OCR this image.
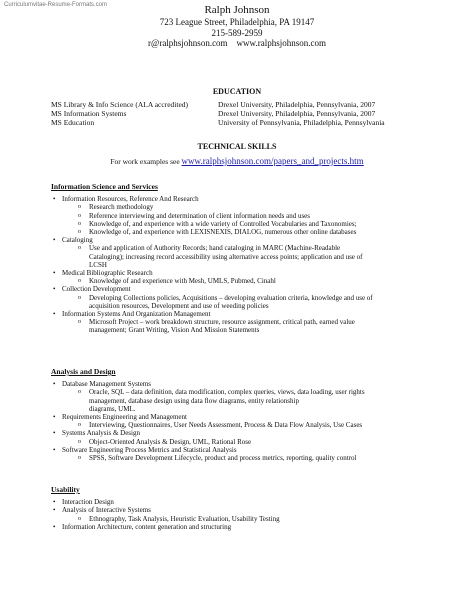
Curriculumvitae-Resume-Formats.com	Ralph Johnson
723 League Street, Philadelphia, PA 19147
215-589-2959
r@ralphsjohnson.com    www.ralphsjohnson.com
EDUCATION
MS Library & Info Science (ALA accredited)	Drexel University, Philadelphia, Pennsylvania, 2007
MS Information Systems	Drexel University, Philadelphia, Pennsylvania, 2007
MS Education	University of Pennsylvania, Philadelphia, Pennsylvania
TECHNICAL SKILLS
For work examples see www.ralphsjohnson.com/papers_and_projects.htm
Information Science and Services
• Information Resources, Reference And Research
o Research methodology
o Reference interviewing and determination of client information needs and uses
o Knowledge of, and experience with a wide variety of Controlled Vocabularies and Taxonomies;
o Knowledge of, and experience with LEXISNEXIS, DIALOG, numerous other online databases
• Cataloging
o Use and application of Authority Records; hand cataloging in MARC (Machine-Readable
Cataloging); increasing record accessibility using alternative access points; application and use of
LCSH
• Medical Bibliographic Research
o Knowledge of and experience with Mesh, UMLS, Pubmed, Cinahl
• Collection Development
o Developing Collections policies, Acquisitions – developing evaluation criteria, knowledge and use of
acquisition resources, Development and use of weeding policies
• Information Systems And Organization Management
o Microsoft Project – work breakdown structure, resource assignment, critical path, earned value
management; Grant Writing, Vision And Mission Statements
Analysis and Design
• Database Management Systems
o Oracle, SQL – data definition, data modification, complex queries, views, data loading, user rights
management, database design using data flow diagrams, entity relationship
diagrams, UML.
• Requirements Engineering and Management
o Interviewing, Questionnaires, User Needs Assessment, Process & Data Flow Analysis, Use Cases
• Systems Analysis & Design
o Object-Oriented Analysis & Design, UML, Rational Rose
• Software Engineering Process Metrics and Statistical Analysis
o SPSS, Software Development Lifecycle, product and process metrics, reporting, quality control
Usability
• Interaction Design
• Analysis of Interactive Systems
o Ethnography, Task Analysis, Heuristic Evaluation, Usability Testing
• Information Architecture, content generation and structuring
